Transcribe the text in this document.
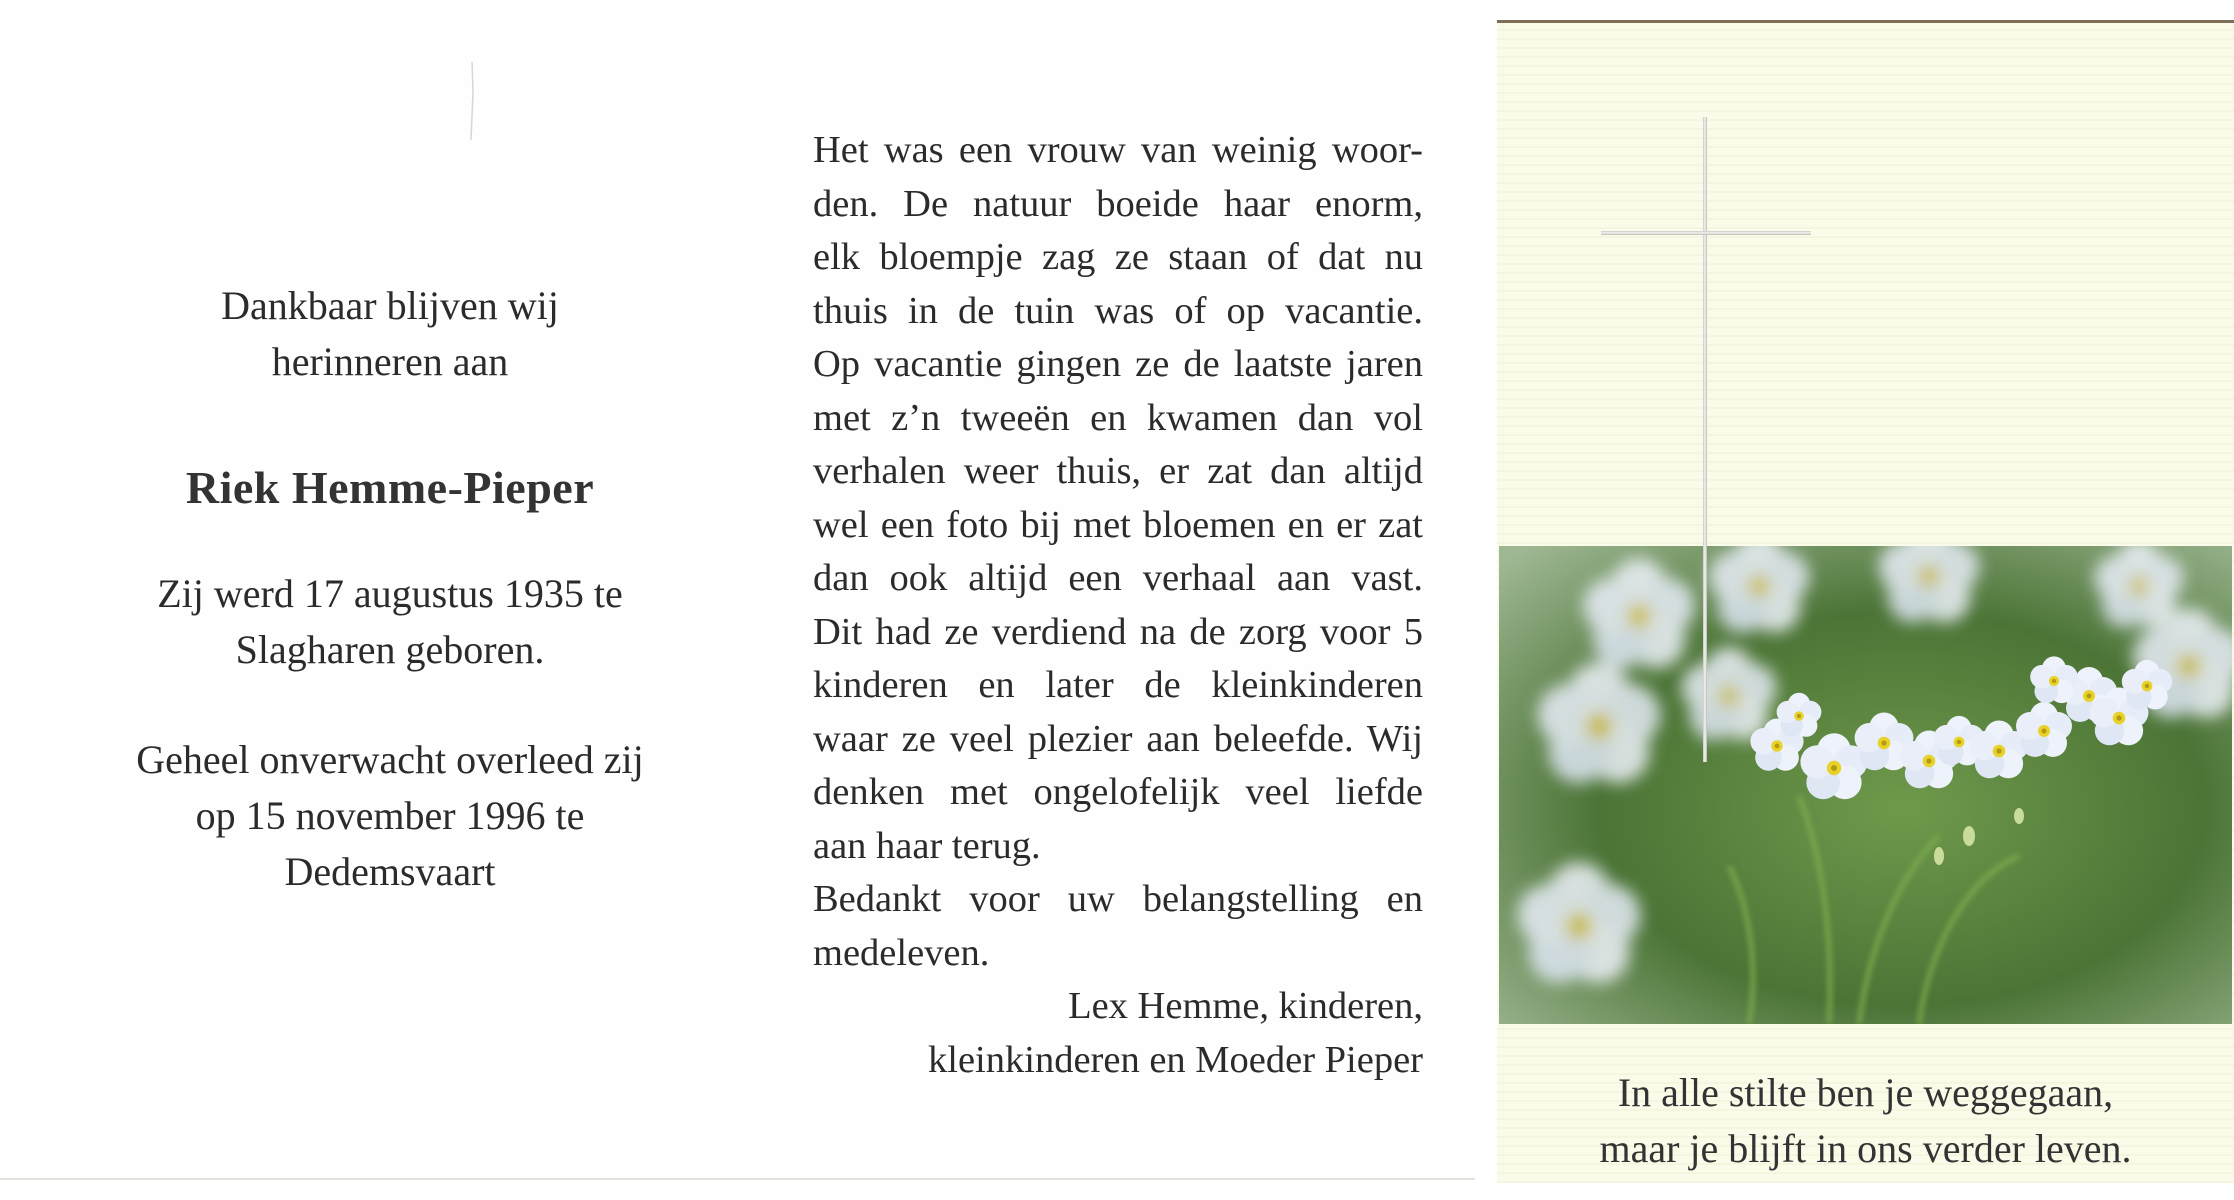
Dankbaar blijven wij

herinneren aan

Riek Hemme-Pieper

Zij werd 17 augustus 1935 te

Slagharen geboren.

Geheel onverwacht overleed zij

op 15 november 1996 te

Dedemsvaart

Het was een vrouw van weinig woor-
den. De natuur boeide haar enorm,
elk bloempje zag ze staan of dat nu
thuis in de tuin was of op vacantie.
Op vacantie gingen ze de laatste jaren
met z’n tweeën en kwamen dan vol
verhalen weer thuis, er zat dan altijd
wel een foto bij met bloemen en er zat
dan ook altijd een verhaal aan vast.
Dit had ze verdiend na de zorg voor 5
kinderen en later de kleinkinderen
waar ze veel plezier aan beleefde. Wij
denken met ongelofelijk veel liefde
aan haar terug.
Bedankt voor uw belangstelling en
medeleven.
Lex Hemme, kinderen,
kleinkinderen en Moeder Pieper

In alle stilte ben je weggegaan,

maar je blijft in ons verder leven.
